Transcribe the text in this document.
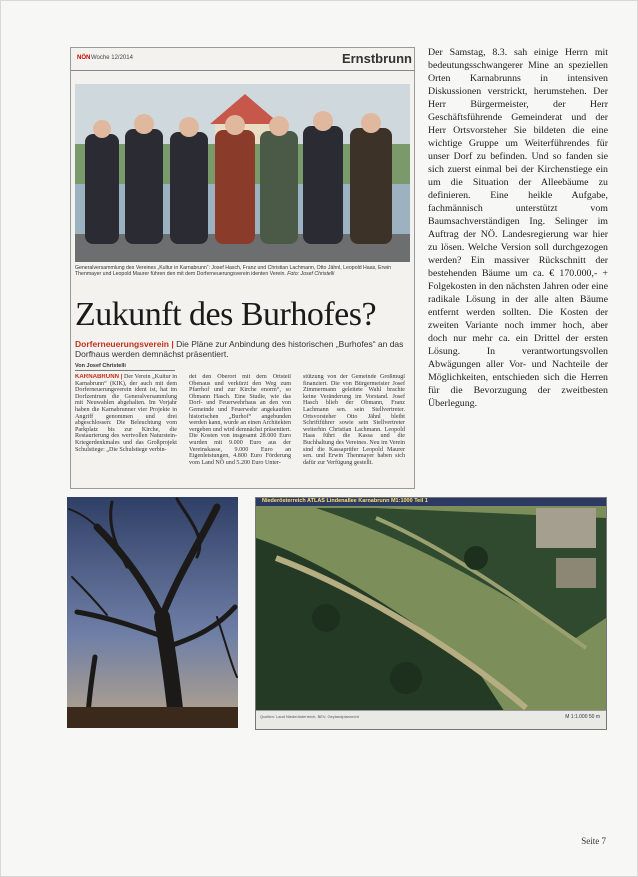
NÖN Woche 12/2014	Ernstbrunn
Generalversammlung des Vereines „Kultur in Karnabrunn“: Josef Hasch, Franz und Christian Lachmann, Otto Jähnl, Leopold Haas, Erwin Thenmayer und Leopold Maurer führen den mit dem Dorferneuerungsverein identen Verein. Foto: Josef Christelli
Zukunft des Burhofes?
Dorferneuerungsverein | Die Pläne zur Anbindung des historischen „Burhofes“ an das Dorfhaus werden demnächst präsentiert.
Von Josef Christelli
KARNABRUNN | Der Verein „Kultur in Karnabrunn“ (KIK), der auch mit dem Dorferneuerungsverein ident ist, hat im Dorfzentrum die Generalversammlung mit Neuwahlen abgehalten. Im Vorjahr haben die Karnabrunner vier Projekte in Angriff genommen und drei abgeschlossen: Die Beleuchtung vom Parkplatz bis zur Kirche, die Restaurierung des wertvollen Naturstein-Kriegerdenkmales und das Großprojekt Schulstiege: „Die Schulstiege verbin-
det den Oberort mit dem Ortsteil Obenaus und verkürzt den Weg zum Pfarrhof und zur Kirche enorm“, so Obmann Hasch. Eine Studie, wie das Dorf- und Feuerwehrhaus an den von Gemeinde und Feuerwehr angekauften historischen „Burhof“ angebunden werden kann, wurde an einen Architekten vergeben und wird demnächst präsentiert. Die Kosten von insgesamt 28.000 Euro wurden mit 9.000 Euro aus der Vereinskasse, 9.000 Euro an Eigenleistungen, 4.800 Euro Förderung vom Land NÖ und 5.200 Euro Unter-
stützung von der Gemeinde Großmugl finanziert. Die von Bürgermeister Josef Zimmermann geleitete Wahl brachte keine Veränderung im Vorstand. Josef Hasch blieb der Obmann, Franz Lachmann sen. sein Stellvertreter. Ortsvorsteher Otto Jähnl bleibt Schriftführer sowie sein Stellvertreter weiterhin Christian Lachmann. Leopold Haas führt die Kassa und die Buchhaltung des Vereines. Neu im Verein sind die Kassaprüfer Leopold Maurer sen. und Erwin Thenmayer haben sich dafür zur Verfügung gestellt.
Der Samstag, 8.3. sah einige Herrn mit bedeutungsschwangerer Mine an speziellen Orten Karnabrunns in intensiven Diskussionen verstrickt, herumstehen. Der Herr Bürgermeister, der Herr Geschäftsführende Gemeinderat und der Herr Ortsvorsteher Sie bildeten die eine wichtige Gruppe um Weiterführendes für unser Dorf zu befinden. Und so fanden sie sich zuerst einmal bei der Kirchenstiege ein um die Situation der Alleebäume zu definieren. Eine heikle Aufgabe, fachmännisch unterstützt vom Baumsachverständigen Ing. Selinger im Auftrag der NÖ. Landesregierung war hier zu lösen. Welche Version soll durchgezogen werden? Ein massiver Rückschnitt der bestehenden Bäume um ca. € 170.000,- + Folgekosten in den nächsten Jahren oder eine radikale Lösung in der alle alten Bäume entfernt werden sollten. Die Kosten der zweiten Variante noch immer hoch, aber doch nur mehr ca. ein Drittel der ersten Lösung. In verantwortungsvollen Abwägungen aller Vor- und Nachteile der Möglichkeiten, entschieden sich die Herren für die Bevorzugung der zweitbesten Überlegung.
Niederösterreich ATLAS Lindenallee Karnabrunn M1:1000 Teil 1
Quellen: Land Niederösterreich, BEV, Geylandplanrecht	M 1:1.000 50 m
Seite 7
